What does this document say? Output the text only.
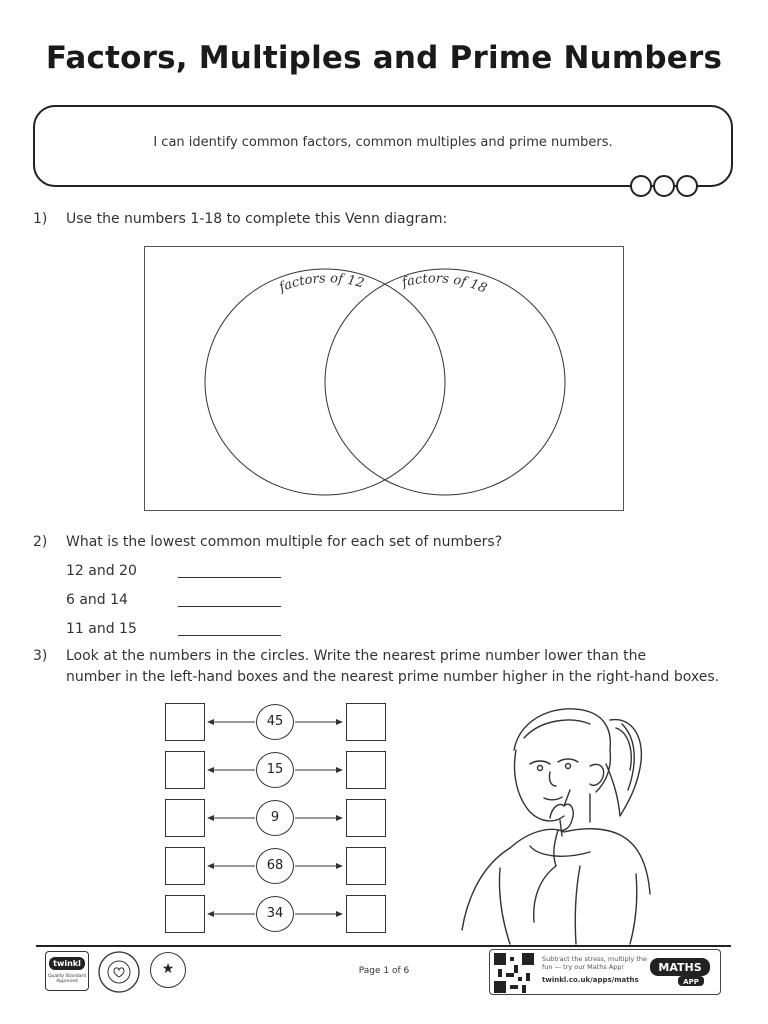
Factors, Multiples and Prime Numbers
I can identify common factors, common multiples and prime numbers.
1) Use the numbers 1-18 to complete this Venn diagram:
factors of 12	factors of 18
2) What is the lowest common multiple for each set of numbers?
12 and 20
6 and 14
11 and 15
3) Look at the numbers in the circles. Write the nearest prime number lower than the
number in the left-hand boxes and the nearest prime number higher in the right-hand boxes.
45
15
9
68
34
twinkl
Quality Standard Approved
★	Page 1 of 6
Subtract the stress, multiply the fun — try our Maths App!
twinkl.co.uk/apps/maths
MATHS
APP
